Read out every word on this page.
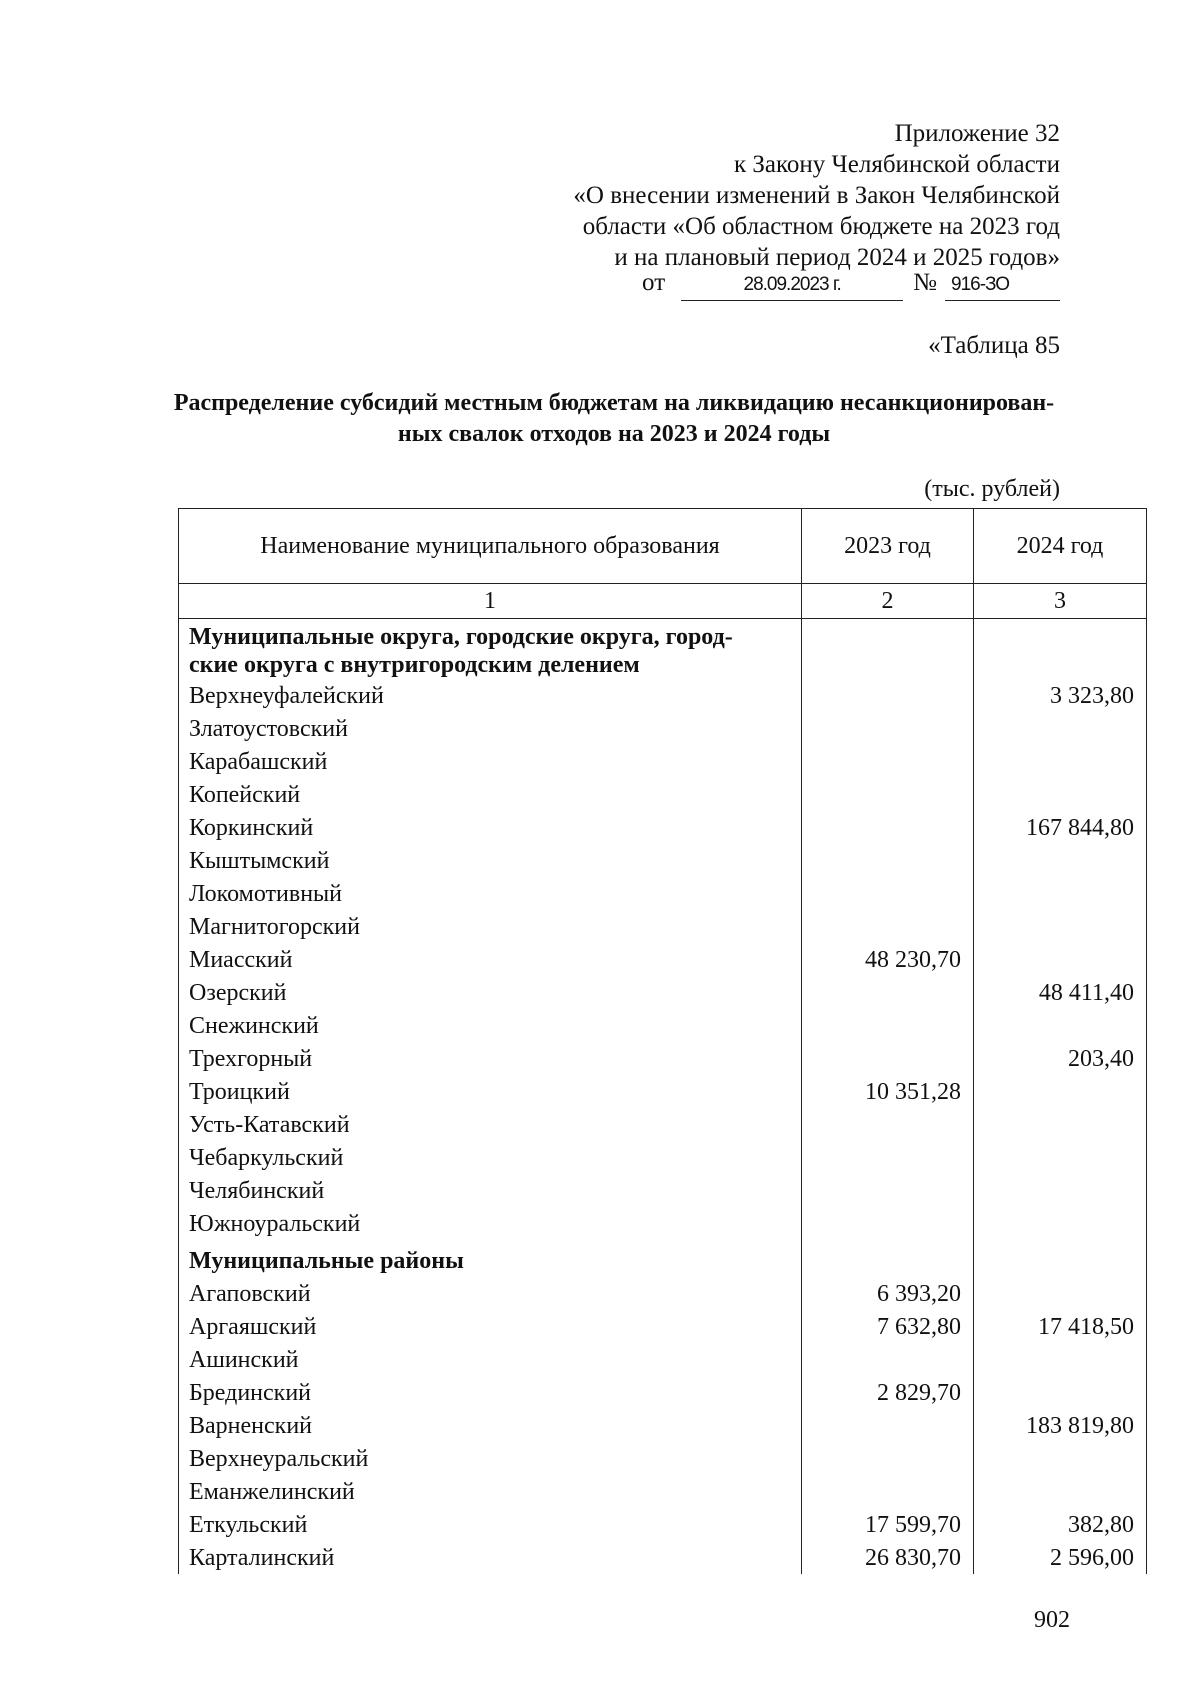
Приложение 32
к Закону Челябинской области
«О внесении изменений в Закон Челябинской
области «Об областном бюджете на 2023 год
и на плановый период 2024 и 2025 годов»
от	28.09.2023 г.	№ 916-ЗО
«Таблица 85
Распределение субсидий местным бюджетам на ликвидацию несанкционирован-
ных свалок отходов на 2023 и 2024 годы
(тыс. рублей)
Наименование муниципального образования	2023 год	2024 год
1	2	3

Муниципальные округа, городские округа, город-
ские округа с внутригородским делением		

Верхнеуфалейский		3 323,80
Златоустовский		
Карабашский		
Копейский		
Коркинский		167 844,80
Кыштымский		
Локомотивный		
Магнитогорский		
Миасский	48 230,70	
Озерский		48 411,40
Снежинский		
Трехгорный		203,40
Троицкий	10 351,28	
Усть-Катавский		
Чебаркульский		
Челябинский		
Южноуральский		
Муниципальные районы		
Агаповский	6 393,20	
Аргаяшский	7 632,80	17 418,50
Ашинский		
Брединский	2 829,70	
Варненский		183 819,80
Верхнеуральский		
Еманжелинский		
Еткульский	17 599,70	382,80
Карталинский	26 830,70	2 596,00
902
